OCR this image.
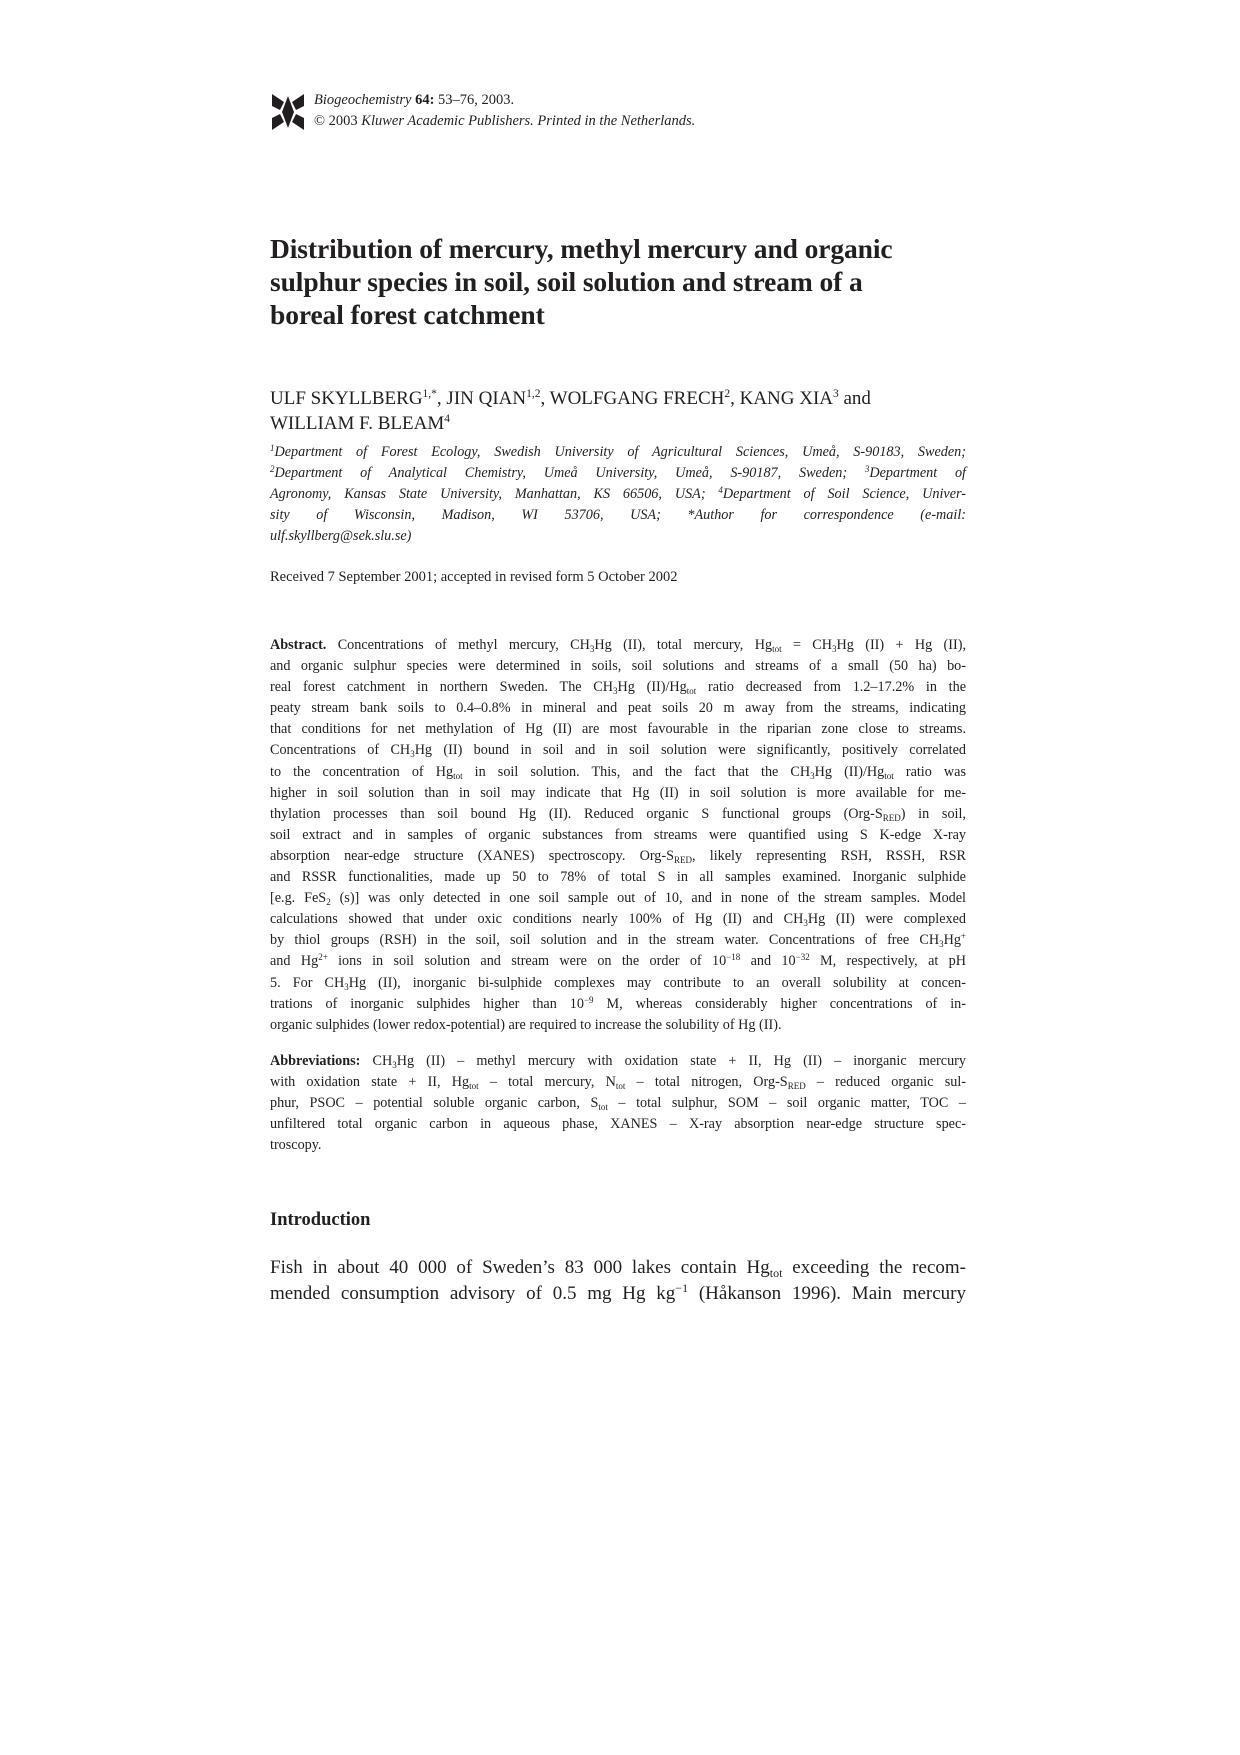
Biogeochemistry 64: 53–76, 2003.
© 2003 Kluwer Academic Publishers. Printed in the Netherlands.
Distribution of mercury, methyl mercury and organic
sulphur species in soil, soil solution and stream of a
boreal forest catchment
ULF $SKYLLBERG^{1,*}$, JIN QIAN$^{1,2}$, WOLFGANG FRECH$^2$, KANG XIA$^3$ and
WILLIAM F. BLEAM$^4$
$^1$Department of Forest Ecology, Swedish University of Agricultural Sciences, Umeå, S-90183, Sweden;
$^2$Department of Analytical Chemistry, Umeå University, Umeå, S-90187, Sweden; $^3$Department of
Agronomy, Kansas State University, Manhattan, KS 66506, USA; $^4$Department of Soil Science, Univer-
sity of Wisconsin, Madison, WI 53706, USA; *Author for correspondence (e-mail:
ulf.skyllberg@sek.slu.se)
Received 7 September 2001; accepted in revised form 5 October 2002
Abstract. Concentrations of methyl mercury, $CH_3Hg$ (II), total mercury, $Hg_{tot} = CH_3Hg$ (II) + Hg (II),
and organic sulphur species were determined in soils, soil solutions and streams of a small (50 ha) bo-
real forest catchment in northern Sweden. The $CH_3Hg$ $(II)/Hg_{tot}$ ratio decreased from 1.2–17.2% in the
peaty stream bank soils to 0.4–0.8% in mineral and peat soils 20 m away from the streams, indicating
that conditions for net methylation of Hg (II) are most favourable in the riparian zone close to streams.
Concentrations of $CH_3Hg$ (II) bound in soil and in soil solution were significantly, positively correlated
to the concentration of $Hg_{tot}$ in soil solution. This, and the fact that the $CH_3Hg$ $(II)/Hg_{tot}$ ratio was
higher in soil solution than in soil may indicate that Hg (II) in soil solution is more available for me-
thylation processes than soil bound Hg (II). Reduced organic S functional groups $(Org-S_{RED})$ in soil,
soil extract and in samples of organic substances from streams were quantified using S K-edge X-ray
absorption near-edge structure (XANES) spectroscopy. Org-$S_{RED}$, likely representing RSH, RSSH, RSR
and RSSR functionalities, made up 50 to 78% of total S in all samples examined. Inorganic sulphide
[e.g. FeS$_2$ (s)] was only detected in one soil sample out of 10, and in none of the stream samples. Model
calculations showed that under oxic conditions nearly 100% of Hg (II) and $CH_3Hg$ (II) were complexed
by thiol groups (RSH) in the soil, soil solution and in the stream water. Concentrations of free $CH_3Hg^+$
and $Hg^{2+}$ ions in soil solution and stream were on the order of $10^{-18}$ and $10^{-32}$ M, respectively, at pH
5. For $CH_3Hg$ (II), inorganic bi-sulphide complexes may contribute to an overall solubility at concen-
trations of inorganic sulphides higher than $10^{-9}$ M, whereas considerably higher concentrations of in-
organic sulphides (lower redox-potential) are required to increase the solubility of Hg (II).
Abbreviations: $CH_3Hg$ (II) – methyl mercury with oxidation state + II, Hg (II) – inorganic mercury
with oxidation state + II, $Hg_{tot}$ – total mercury, $N_{tot}$ – total nitrogen, Org-$S_{RED}$ – reduced organic sul-
phur, PSOC – potential soluble organic carbon, $S_{tot}$ – total sulphur, SOM – soil organic matter, TOC –
unfiltered total organic carbon in aqueous phase, XANES – X-ray absorption near-edge structure spec-
troscopy.
Introduction
Fish in about 40 000 of Sweden’s 83 000 lakes contain $Hg_{tot}$ exceeding the recom-
mended consumption advisory of 0.5 mg Hg $kg^{-1}$ (Håkanson 1996). Main mercury
